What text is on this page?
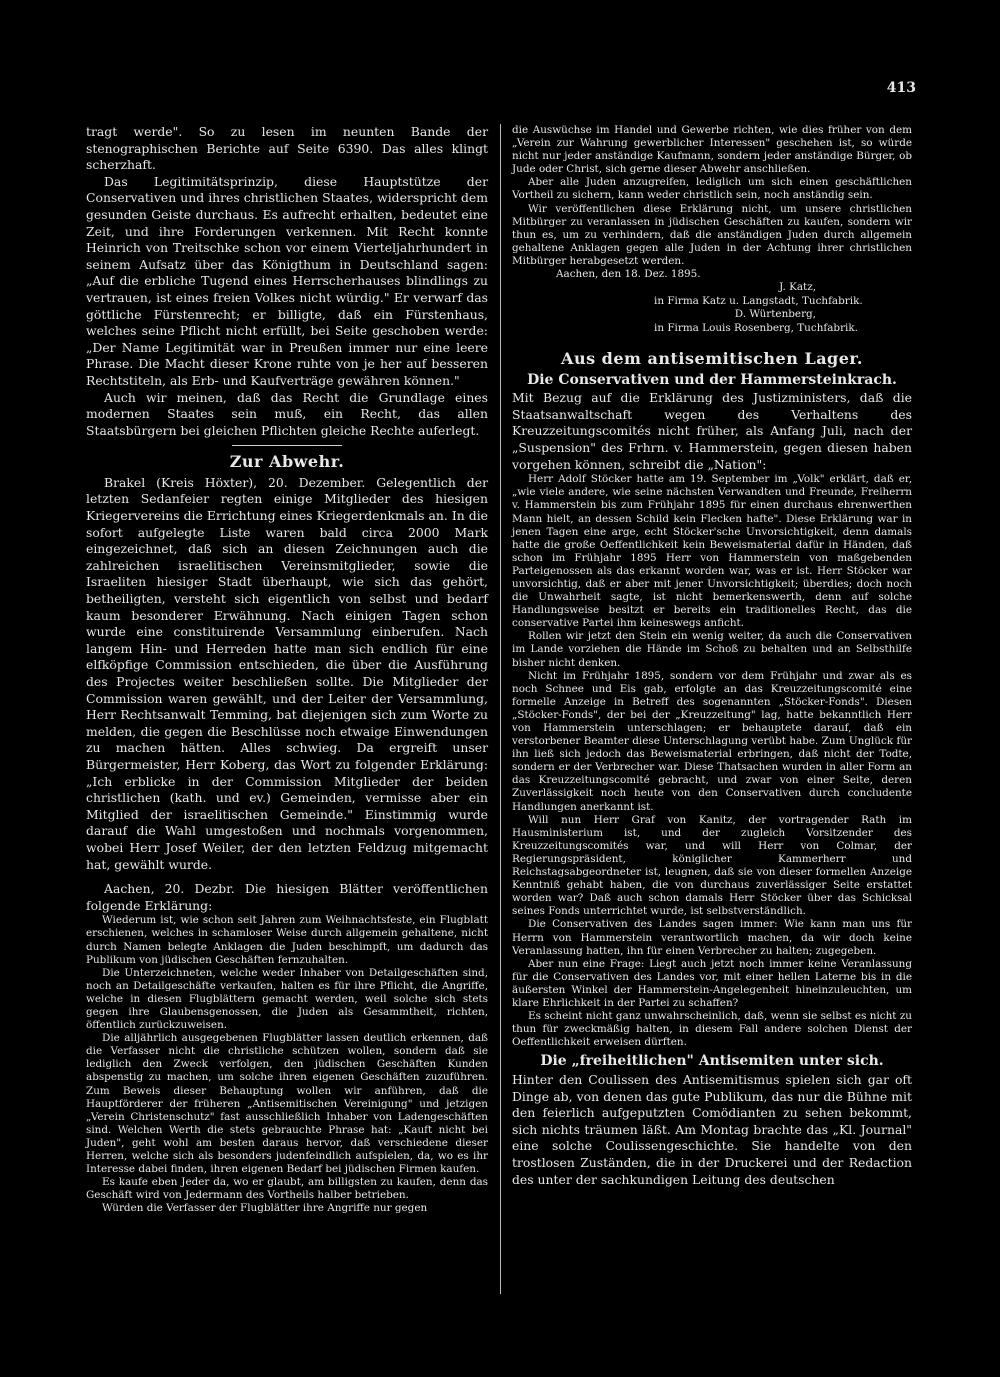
413

tragt werde". So zu lesen im neunten Bande der stenographischen Berichte auf Seite 6390. Das alles klingt scherzhaft.

Das Legitimitätsprinzip, diese Hauptstütze der Conservativen und ihres christlichen Staates, widerspricht dem gesunden Geiste durchaus. Es aufrecht erhalten, bedeutet eine Zeit, und ihre Forderungen verkennen. Mit Recht konnte Heinrich von Treitschke schon vor einem Vierteljahrhundert in seinem Aufsatz über das Königthum in Deutschland sagen: „Auf die erbliche Tugend eines Herrscherhauses blindlings zu vertrauen, ist eines freien Volkes nicht würdig." Er verwarf das göttliche Fürstenrecht; er billigte, daß ein Fürstenhaus, welches seine Pflicht nicht erfüllt, bei Seite geschoben werde: „Der Name Legitimität war in Preußen immer nur eine leere Phrase. Die Macht dieser Krone ruhte von je her auf besseren Rechtstiteln, als Erb- und Kaufverträge gewähren können."

Auch wir meinen, daß das Recht die Grundlage eines modernen Staates sein muß, ein Recht, das allen Staatsbürgern bei gleichen Pflichten gleiche Rechte auferlegt.

Zur Abwehr.

Brakel (Kreis Höxter), 20. Dezember. Gelegentlich der letzten Sedanfeier regten einige Mitglieder des hiesigen Kriegervereins die Errichtung eines Kriegerdenkmals an. In die sofort aufgelegte Liste waren bald circa 2000 Mark eingezeichnet, daß sich an diesen Zeichnungen auch die zahlreichen israelitischen Vereinsmitglieder, sowie die Israeliten hiesiger Stadt überhaupt, wie sich das gehört, betheiligten, versteht sich eigentlich von selbst und bedarf kaum besonderer Erwähnung. Nach einigen Tagen schon wurde eine constituirende Versammlung einberufen. Nach langem Hin- und Herreden hatte man sich endlich für eine elfköpfige Commission entschieden, die über die Ausführung des Projectes weiter beschließen sollte. Die Mitglieder der Commission waren gewählt, und der Leiter der Versammlung, Herr Rechtsanwalt Temming, bat diejenigen sich zum Worte zu melden, die gegen die Beschlüsse noch etwaige Einwendungen zu machen hätten. Alles schwieg. Da ergreift unser Bürgermeister, Herr Koberg, das Wort zu folgender Erklärung: „Ich erblicke in der Commission Mitglieder der beiden christlichen (kath. und ev.) Gemeinden, vermisse aber ein Mitglied der israelitischen Gemeinde." Einstimmig wurde darauf die Wahl umgestoßen und nochmals vorgenommen, wobei Herr Josef Weiler, der den letzten Feldzug mitgemacht hat, gewählt wurde.

Aachen, 20. Dezbr. Die hiesigen Blätter veröffentlichen folgende Erklärung:

Wiederum ist, wie schon seit Jahren zum Weihnachtsfeste, ein Flugblatt erschienen, welches in schamloser Weise durch allgemein gehaltene, nicht durch Namen belegte Anklagen die Juden beschimpft, um dadurch das Publikum von jüdischen Geschäften fernzuhalten.

Die Unterzeichneten, welche weder Inhaber von Detailgeschäften sind, noch an Detailgeschäfte verkaufen, halten es für ihre Pflicht, die Angriffe, welche in diesen Flugblättern gemacht werden, weil solche sich stets gegen ihre Glaubensgenossen, die Juden als Gesammtheit, richten, öffentlich zurückzuweisen.

Die alljährlich ausgegebenen Flugblätter lassen deutlich erkennen, daß die Verfasser nicht die christliche schützen wollen, sondern daß sie lediglich den Zweck verfolgen, den jüdischen Geschäften Kunden abspenstig zu machen, um solche ihren eigenen Geschäften zuzuführen. Zum Beweis dieser Behauptung wollen wir anführen, daß die Hauptförderer der früheren „Antisemitischen Vereinigung" und jetzigen „Verein Christenschutz" fast ausschließlich Inhaber von Ladengeschäften sind. Welchen Werth die stets gebrauchte Phrase hat: „Kauft nicht bei Juden", geht wohl am besten daraus hervor, daß verschiedene dieser Herren, welche sich als besonders judenfeindlich aufspielen, da, wo es ihr Interesse dabei finden, ihren eigenen Bedarf bei jüdischen Firmen kaufen.

Es kaufe eben Jeder da, wo er glaubt, am billigsten zu kaufen, denn das Geschäft wird von Jedermann des Vortheils halber betrieben.

Würden die Verfasser der Flugblätter ihre Angriffe nur gegen

die Auswüchse im Handel und Gewerbe richten, wie dies früher von dem „Verein zur Wahrung gewerblicher Interessen" geschehen ist, so würde nicht nur jeder anständige Kaufmann, sondern jeder anständige Bürger, ob Jude oder Christ, sich gerne dieser Abwehr anschließen.

Aber alle Juden anzugreifen, lediglich um sich einen geschäftlichen Vortheil zu sichern, kann weder christlich sein, noch anständig sein.

Wir veröffentlichen diese Erklärung nicht, um unsere christlichen Mitbürger zu veranlassen in jüdischen Geschäften zu kaufen, sondern wir thun es, um zu verhindern, daß die anständigen Juden durch allgemein gehaltene Anklagen gegen alle Juden in der Achtung ihrer christlichen Mitbürger herabgesetzt werden.

Aachen, den 18. Dez. 1895.
J. Katz,
in Firma Katz u. Langstadt, Tuchfabrik.
D. Würtenberg,
in Firma Louis Rosenberg, Tuchfabrik.
Aus dem antisemitischen Lager.
Die Conservativen und der Hammersteinkrach.

Mit Bezug auf die Erklärung des Justizministers, daß die Staatsanwaltschaft wegen des Verhaltens des Kreuzzeitungscomités nicht früher, als Anfang Juli, nach der „Suspension" des Frhrn. v. Hammerstein, gegen diesen haben vorgehen können, schreibt die „Nation":

Herr Adolf Stöcker hatte am 19. September im „Volk" erklärt, daß er, „wie viele andere, wie seine nächsten Verwandten und Freunde, Freiherrn v. Hammerstein bis zum Frühjahr 1895 für einen durchaus ehrenwerthen Mann hielt, an dessen Schild kein Flecken hafte". Diese Erklärung war in jenen Tagen eine arge, echt Stöcker'sche Unvorsichtigkeit, denn damals hatte die große Oeffentlichkeit kein Beweismaterial dafür in Händen, daß schon im Frühjahr 1895 Herr von Hammerstein von maßgebenden Parteigenossen als das erkannt worden war, was er ist. Herr Stöcker war unvorsichtig, daß er aber mit jener Unvorsichtigkeit; überdies; doch noch die Unwahrheit sagte, ist nicht bemerkenswerth, denn auf solche Handlungsweise besitzt er bereits ein traditionelles Recht, das die conservative Partei ihm keineswegs anficht.

Rollen wir jetzt den Stein ein wenig weiter, da auch die Conservativen im Lande vorziehen die Hände im Schoß zu behalten und an Selbsthilfe bisher nicht denken.

Nicht im Frühjahr 1895, sondern vor dem Frühjahr und zwar als es noch Schnee und Eis gab, erfolgte an das Kreuzzeitungscomité eine formelle Anzeige in Betreff des sogenannten „Stöcker-Fonds". Diesen „Stöcker-Fonds", der bei der „Kreuzzeitung" lag, hatte bekanntlich Herr von Hammerstein unterschlagen; er behauptete darauf, daß ein verstorbener Beamter diese Unterschlagung verübt habe. Zum Unglück für ihn ließ sich jedoch das Beweismaterial erbringen, daß nicht der Todte, sondern er der Verbrecher war. Diese Thatsachen wurden in aller Form an das Kreuzzeitungscomité gebracht, und zwar von einer Seite, deren Zuverlässigkeit noch heute von den Conservativen durch concludente Handlungen anerkannt ist.

Will nun Herr Graf von Kanitz, der vortragender Rath im Hausministerium ist, und der zugleich Vorsitzender des Kreuzzeitungscomités war, und will Herr von Colmar, der Regierungspräsident, königlicher Kammerherr und Reichstagsabgeordneter ist, leugnen, daß sie von dieser formellen Anzeige Kenntniß gehabt haben, die von durchaus zuverlässiger Seite erstattet worden war? Daß auch schon damals Herr Stöcker über das Schicksal seines Fonds unterrichtet wurde, ist selbstverständlich.

Die Conservativen des Landes sagen immer: Wie kann man uns für Herrn von Hammerstein verantwortlich machen, da wir doch keine Veranlassung hatten, ihn für einen Verbrecher zu halten; zugegeben.

Aber nun eine Frage: Liegt auch jetzt noch immer keine Veranlassung für die Conservativen des Landes vor, mit einer hellen Laterne bis in die äußersten Winkel der Hammerstein-Angelegenheit hineinzuleuchten, um klare Ehrlichkeit in der Partei zu schaffen?

Es scheint nicht ganz unwahrscheinlich, daß, wenn sie selbst es nicht zu thun für zweckmäßig halten, in diesem Fall andere solchen Dienst der Oeffentlichkeit erweisen dürften.

Die „freiheitlichen" Antisemiten unter sich.

Hinter den Coulissen des Antisemitismus spielen sich gar oft Dinge ab, von denen das gute Publikum, das nur die Bühne mit den feierlich aufgeputzten Comödianten zu sehen bekommt, sich nichts träumen läßt. Am Montag brachte das „Kl. Journal" eine solche Coulissengeschichte. Sie handelte von den trostlosen Zuständen, die in der Druckerei und der Redaction des unter der sachkundigen Leitung des deutschen
